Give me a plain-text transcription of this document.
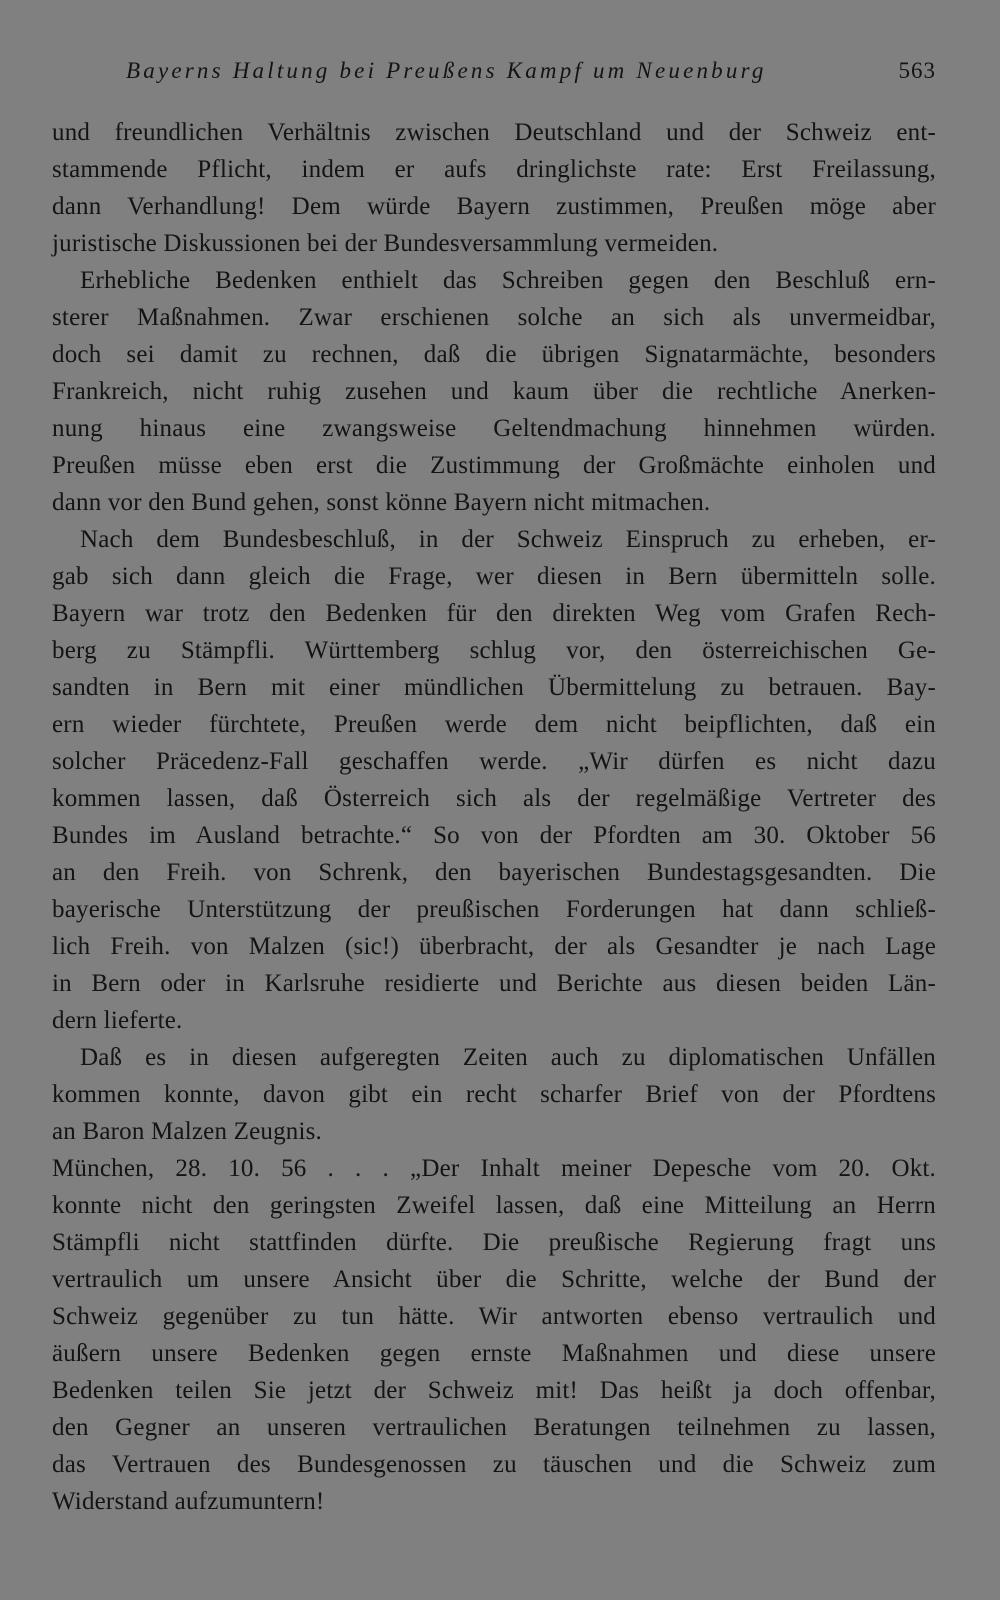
Bayerns Haltung bei Preußens Kampf um Neuenburg	563
und freundlichen Verhältnis zwischen Deutschland und der Schweiz ent-
stammende Pflicht, indem er aufs dringlichste rate: Erst Freilassung,
dann Verhandlung! Dem würde Bayern zustimmen, Preußen möge aber
juristische Diskussionen bei der Bundesversammlung vermeiden.
Erhebliche Bedenken enthielt das Schreiben gegen den Beschluß ern-
sterer Maßnahmen. Zwar erschienen solche an sich als unvermeidbar,
doch sei damit zu rechnen, daß die übrigen Signatarmächte, besonders
Frankreich, nicht ruhig zusehen und kaum über die rechtliche Anerken-
nung hinaus eine zwangsweise Geltendmachung hinnehmen würden.
Preußen müsse eben erst die Zustimmung der Großmächte einholen und
dann vor den Bund gehen, sonst könne Bayern nicht mitmachen.
Nach dem Bundesbeschluß, in der Schweiz Einspruch zu erheben, er-
gab sich dann gleich die Frage, wer diesen in Bern übermitteln solle.
Bayern war trotz den Bedenken für den direkten Weg vom Grafen Rech-
berg zu Stämpfli. Württemberg schlug vor, den österreichischen Ge-
sandten in Bern mit einer mündlichen Übermittelung zu betrauen. Bay-
ern wieder fürchtete, Preußen werde dem nicht beipflichten, daß ein
solcher Präcedenz-Fall geschaffen werde. „Wir dürfen es nicht dazu
kommen lassen, daß Österreich sich als der regelmäßige Vertreter des
Bundes im Ausland betrachte.“ So von der Pfordten am 30. Oktober 56
an den Freih. von Schrenk, den bayerischen Bundestagsgesandten. Die
bayerische Unterstützung der preußischen Forderungen hat dann schließ-
lich Freih. von Malzen (sic!) überbracht, der als Gesandter je nach Lage
in Bern oder in Karlsruhe residierte und Berichte aus diesen beiden Län-
dern lieferte.
Daß es in diesen aufgeregten Zeiten auch zu diplomatischen Unfällen
kommen konnte, davon gibt ein recht scharfer Brief von der Pfordtens
an Baron Malzen Zeugnis.
München, 28. 10. 56 . . . „Der Inhalt meiner Depesche vom 20. Okt.
konnte nicht den geringsten Zweifel lassen, daß eine Mitteilung an Herrn
Stämpfli nicht stattfinden dürfte. Die preußische Regierung fragt uns
vertraulich um unsere Ansicht über die Schritte, welche der Bund der
Schweiz gegenüber zu tun hätte. Wir antworten ebenso vertraulich und
äußern unsere Bedenken gegen ernste Maßnahmen und diese unsere
Bedenken teilen Sie jetzt der Schweiz mit! Das heißt ja doch offenbar,
den Gegner an unseren vertraulichen Beratungen teilnehmen zu lassen,
das Vertrauen des Bundesgenossen zu täuschen und die Schweiz zum
Widerstand aufzumuntern!
